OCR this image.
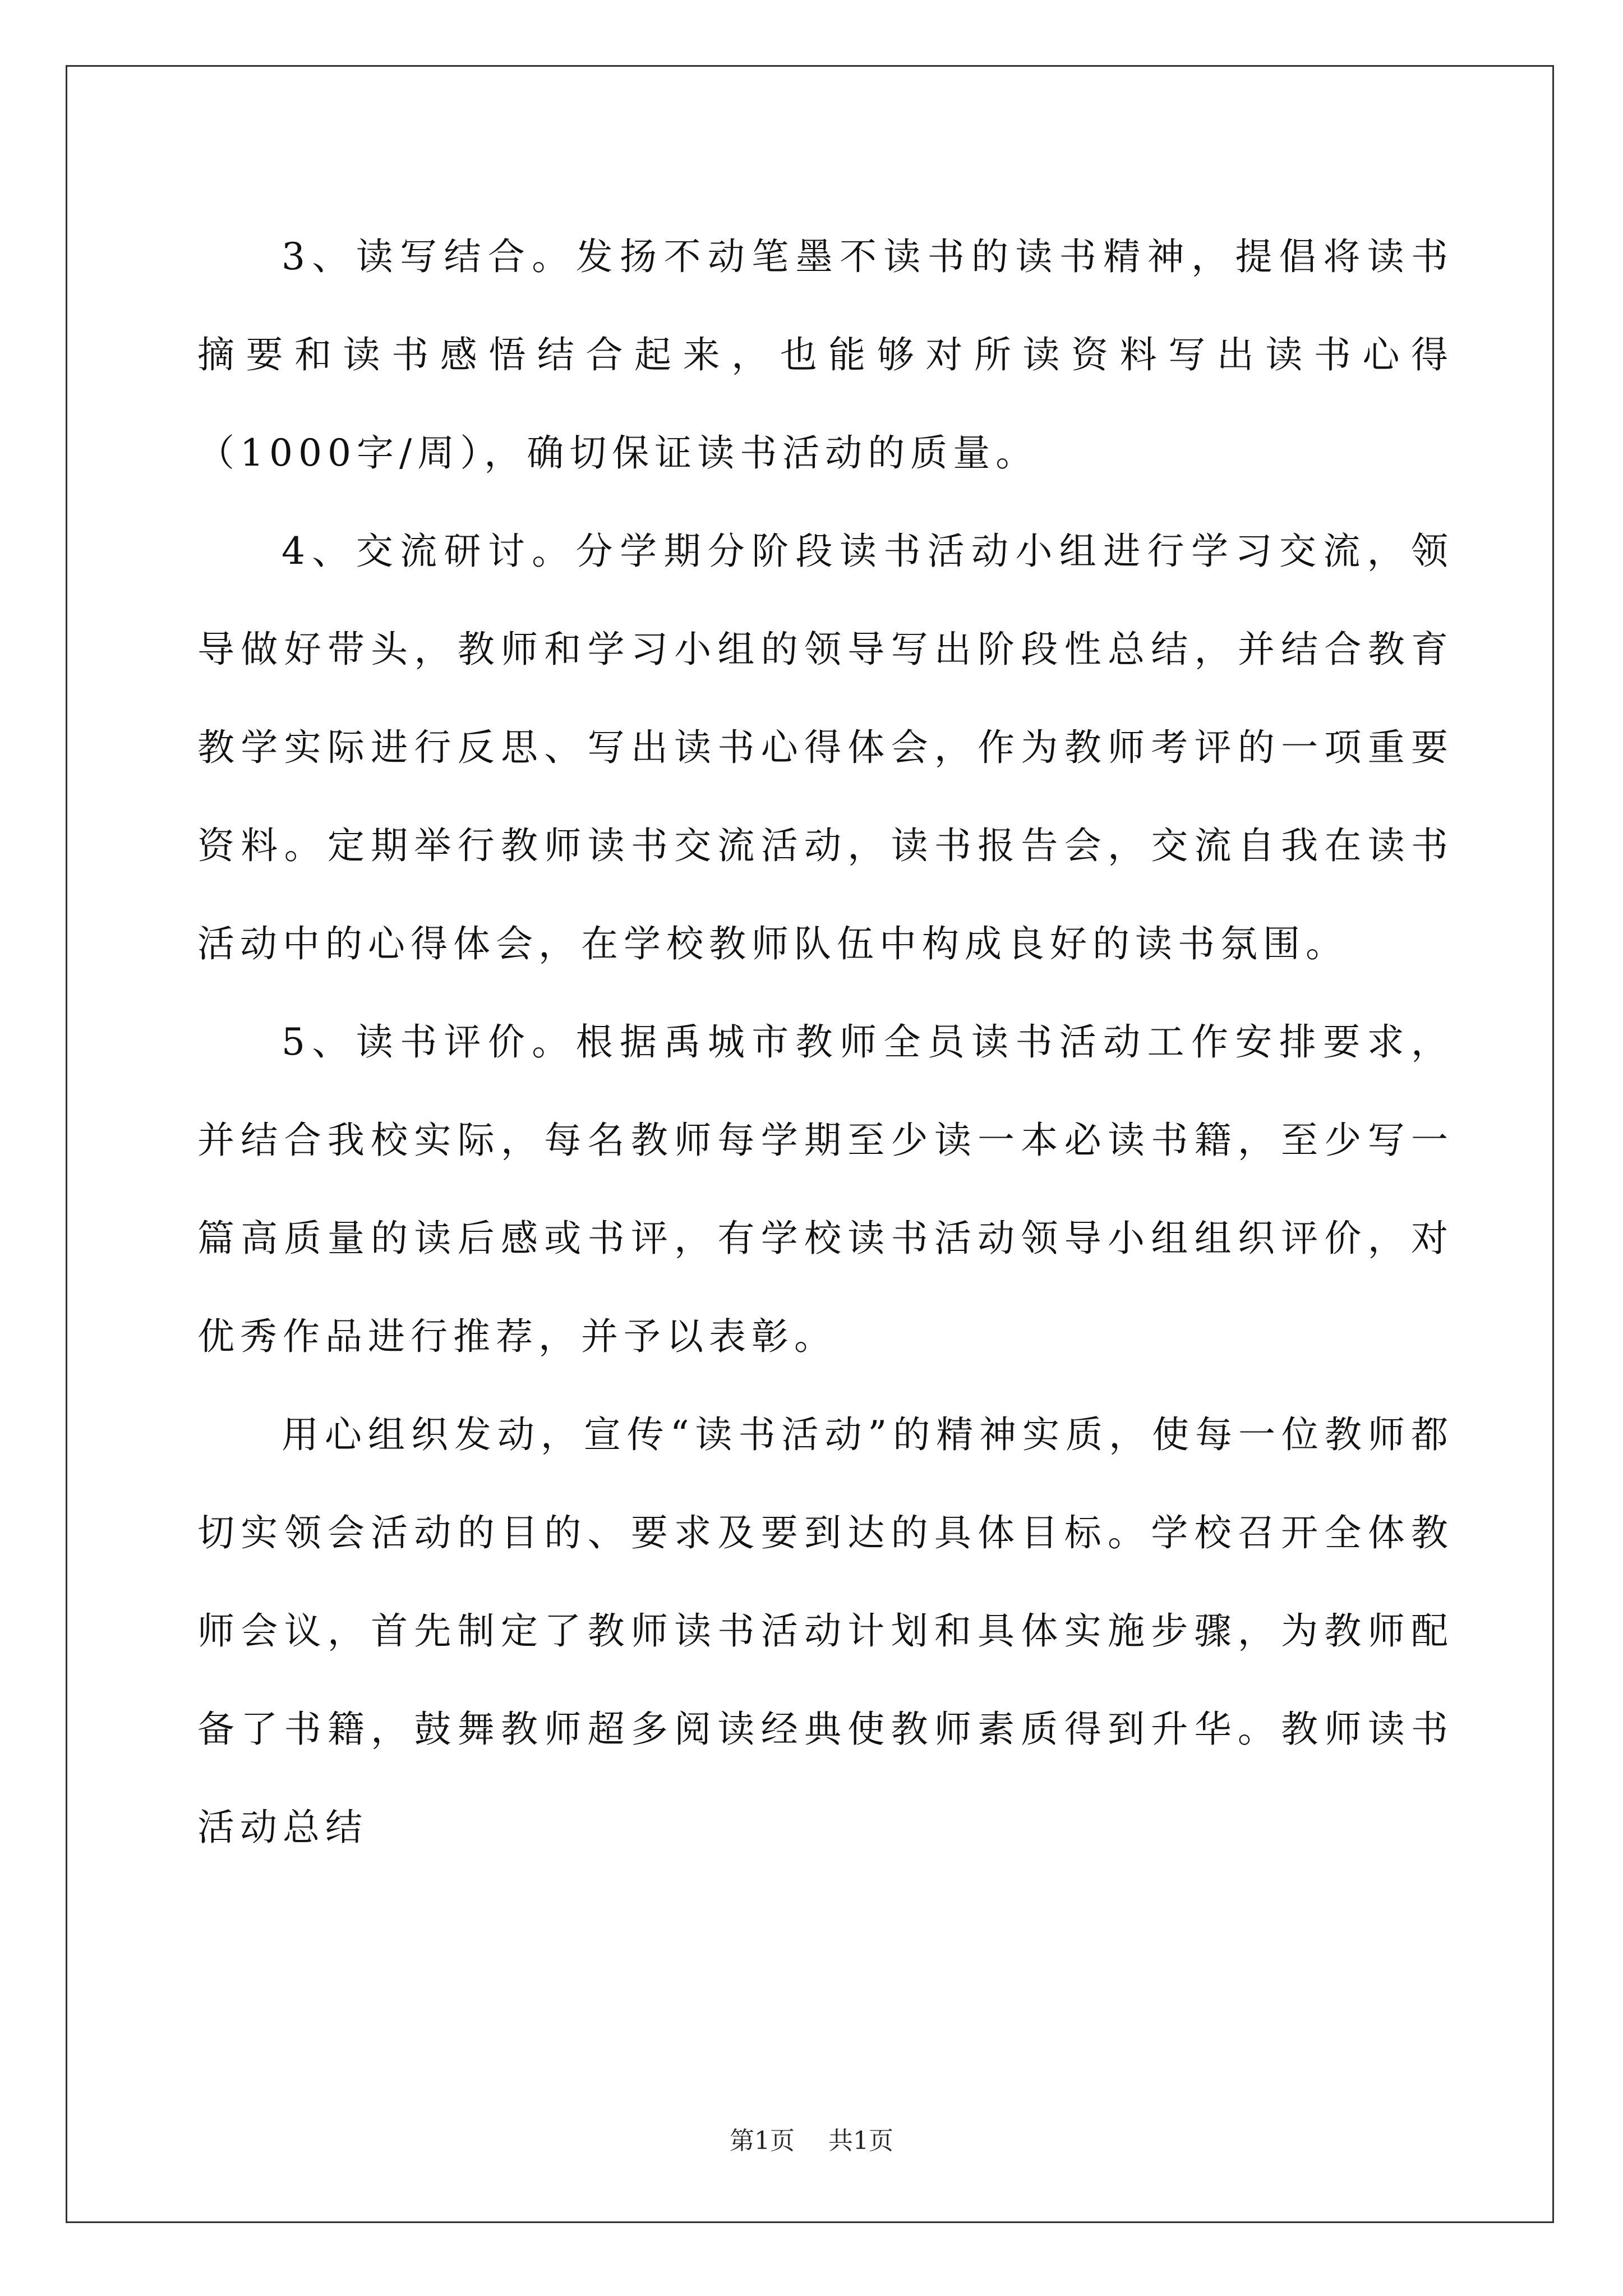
3、读写结合。发扬不动笔墨不读书的读书精神，提倡将读书摘要和读书感悟结合起来，也能够对所读资料写出读书心得（1000字/周），确切保证读书活动的质量。

4、交流研讨。分学期分阶段读书活动小组进行学习交流，领导做好带头，教师和学习小组的领导写出阶段性总结，并结合教育教学实际进行反思、写出读书心得体会，作为教师考评的一项重要资料。定期举行教师读书交流活动，读书报告会，交流自我在读书活动中的心得体会，在学校教师队伍中构成良好的读书氛围。

5、读书评价。根据禹城市教师全员读书活动工作安排要求，并结合我校实际，每名教师每学期至少读一本必读书籍，至少写一篇高质量的读后感或书评，有学校读书活动领导小组组织评价，对优秀作品进行推荐，并予以表彰。

用心组织发动，宣传“读书活动”的精神实质，使每一位教师都切实领会活动的目的、要求及要到达的具体目标。学校召开全体教师会议，首先制定了教师读书活动计划和具体实施步骤，为教师配备了书籍，鼓舞教师超多阅读经典使教师素质得到升华。教师读书活动总结

第1页 共1页
